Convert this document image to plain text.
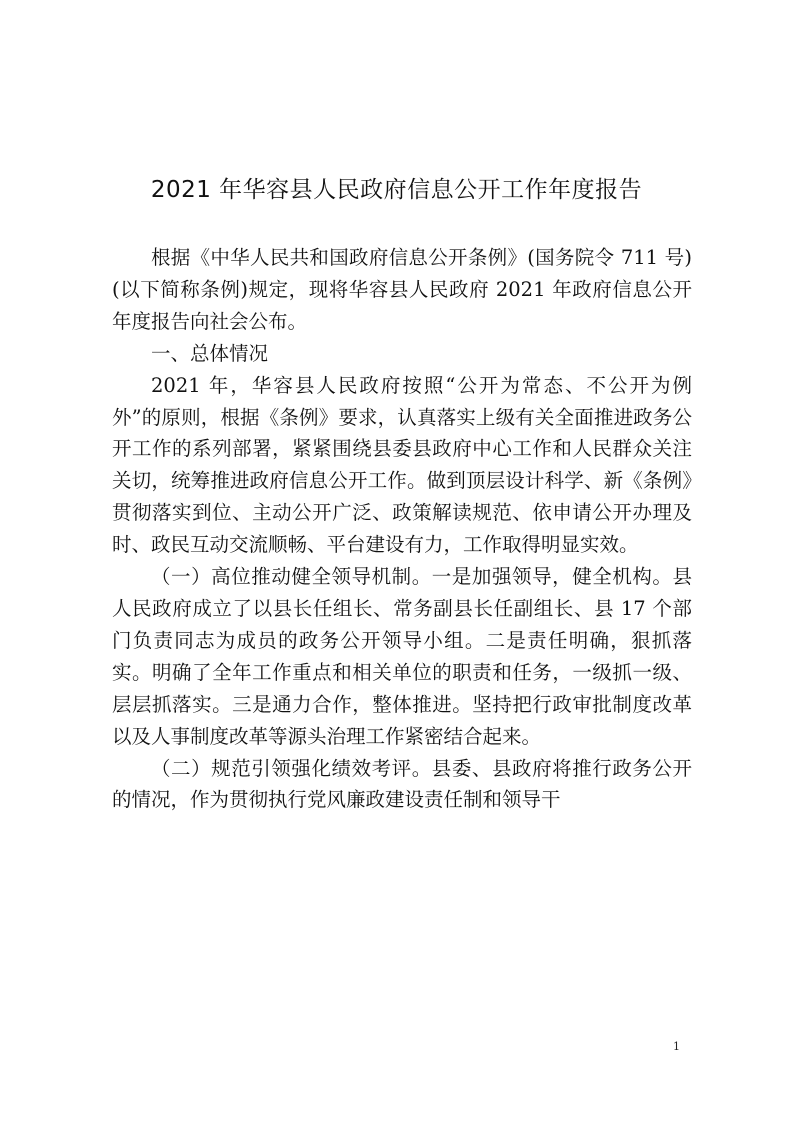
2021 年华容县人民政府信息公开工作年度报告

根据《中华人民共和国政府信息公开条例》(国务院令 711 号)(以下简称条例)规定，现将华容县人民政府 2021 年政府信息公开年度报告向社会公布。

一、总体情况

2021 年，华容县人民政府按照“公开为常态、不公开为例外”的原则，根据《条例》要求，认真落实上级有关全面推进政务公开工作的系列部署，紧紧围绕县委县政府中心工作和人民群众关注关切，统筹推进政府信息公开工作。做到顶层设计科学、新《条例》贯彻落实到位、主动公开广泛、政策解读规范、依申请公开办理及时、政民互动交流顺畅、平台建设有力，工作取得明显实效。

（一）高位推动健全领导机制。一是加强领导，健全机构。县人民政府成立了以县长任组长、常务副县长任副组长、县 17 个部门负责同志为成员的政务公开领导小组。二是责任明确，狠抓落实。明确了全年工作重点和相关单位的职责和任务，一级抓一级、层层抓落实。三是通力合作，整体推进。坚持把行政审批制度改革以及人事制度改革等源头治理工作紧密结合起来。

（二）规范引领强化绩效考评。县委、县政府将推行政务公开的情况，作为贯彻执行党风廉政建设责任制和领导干

1
